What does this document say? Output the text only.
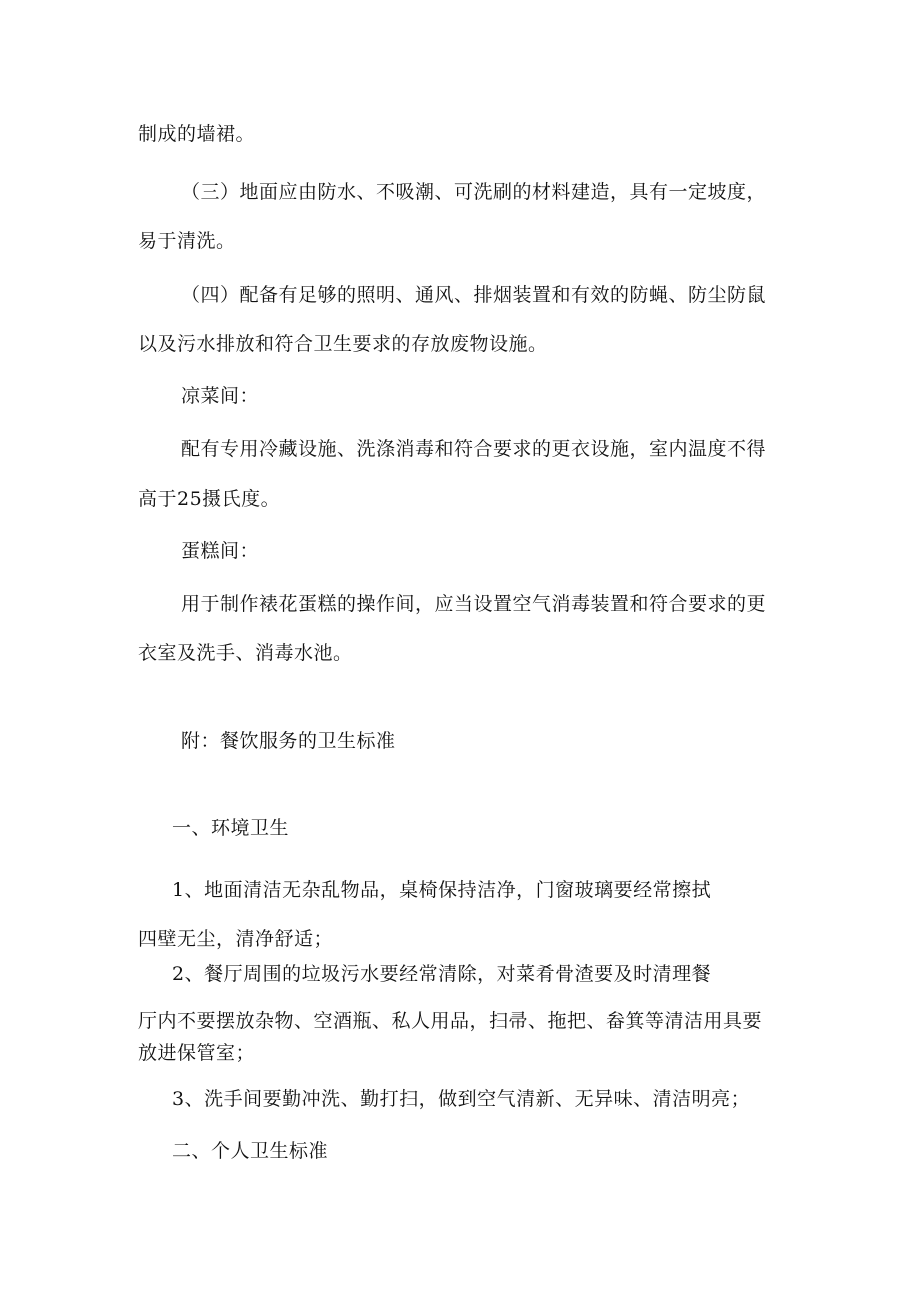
制成的墙裙。
（三）地面应由防水、不吸潮、可洗刷的材料建造，具有一定坡度，
易于清洗。
（四）配备有足够的照明、通风、排烟装置和有效的防蝇、防尘防鼠
以及污水排放和符合卫生要求的存放废物设施。
凉菜间：
配有专用冷藏设施、洗涤消毒和符合要求的更衣设施，室内温度不得
高于25摄氏度。
蛋糕间：
用于制作裱花蛋糕的操作间，应当设置空气消毒装置和符合要求的更
衣室及洗手、消毒水池。
附：餐饮服务的卫生标准
一、环境卫生
1、地面清洁无杂乱物品，桌椅保持洁净，门窗玻璃要经常擦拭
四壁无尘，清净舒适；
2、餐厅周围的垃圾污水要经常清除，对菜肴骨渣要及时清理餐
厅内不要摆放杂物、空酒瓶、私人用品，扫帚、拖把、畚箕等清洁用具要
放进保管室；
3、洗手间要勤冲洗、勤打扫，做到空气清新、无异味、清洁明亮；
二、个人卫生标准
